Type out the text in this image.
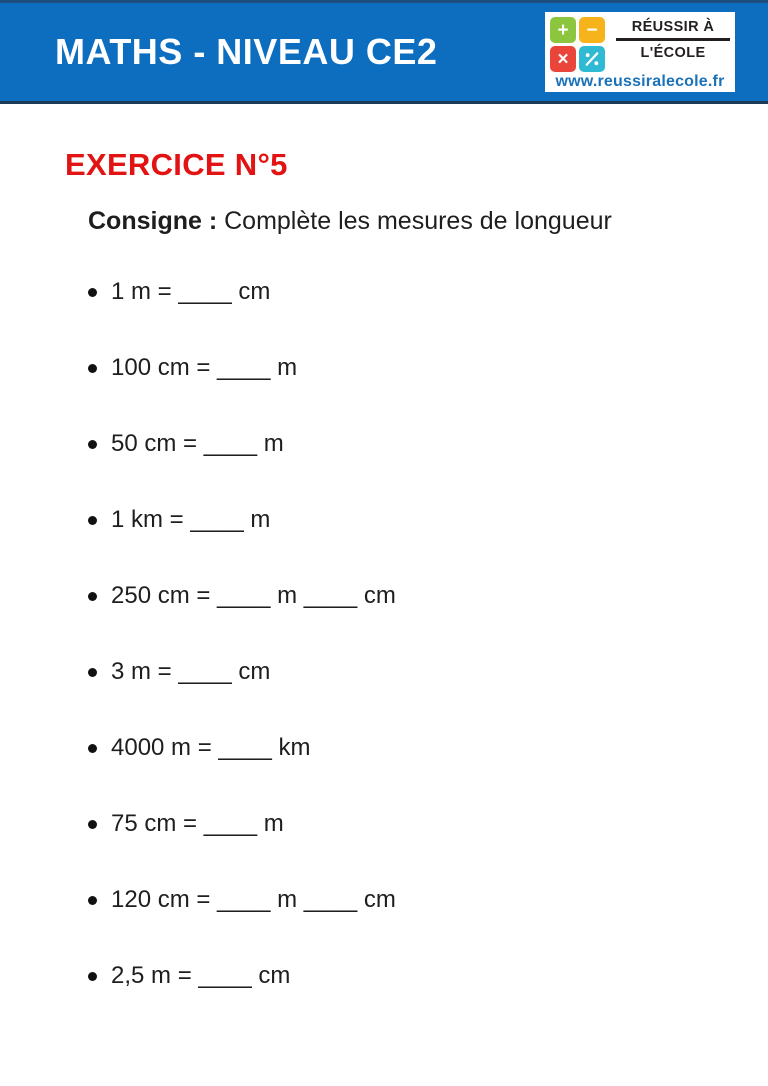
MATHS - NIVEAU CE2
+ −
×
RÉUSSIR À
L'ÉCOLE
www.reussiralecole.fr
EXERCICE N°5

Consigne : Complète les mesures de longueur

1 m = ____ cm
100 cm = ____ m
50 cm = ____ m
1 km = ____ m
250 cm = ____ m ____ cm
3 m = ____ cm
4000 m = ____ km
75 cm = ____ m
120 cm = ____ m ____ cm
2,5 m = ____ cm
